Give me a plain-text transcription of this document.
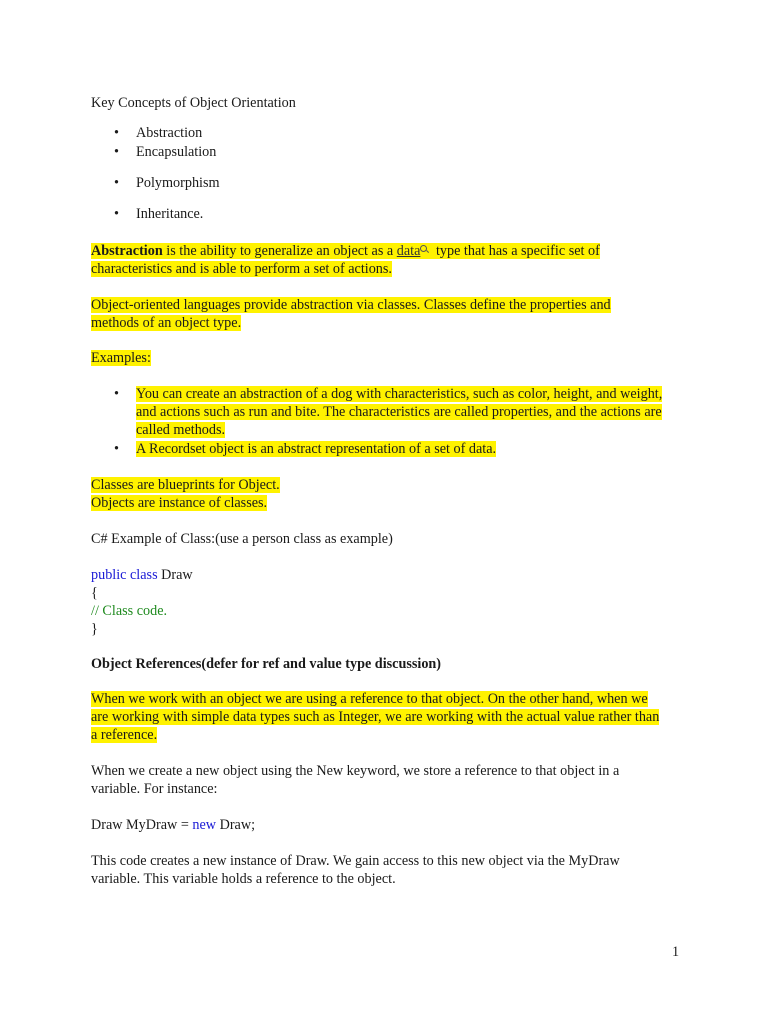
Key Concepts of Object Orientation
• Abstraction
• Encapsulation
• Polymorphism
• Inheritance.
Abstraction is the ability to generalize an object as a data type that has a specific set of characteristics and is able to perform a set of actions.
Object-oriented languages provide abstraction via classes. Classes define the properties and methods of an object type.
Examples:
• You can create an abstraction of a dog with characteristics, such as color, height, and weight, and actions such as run and bite. The characteristics are called properties, and the actions are called methods.
• A Recordset object is an abstract representation of a set of data.
Classes are blueprints for Object.
Objects are instance of classes.
C# Example of Class:(use a person class as example)
public class Draw
{
// Class code.
}
Object References(defer for ref and value type discussion)
When we work with an object we are using a reference to that object. On the other hand, when we are working with simple data types such as Integer, we are working with the actual value rather than a reference.
When we create a new object using the New keyword, we store a reference to that object in a variable. For instance:
Draw MyDraw = new Draw;
This code creates a new instance of Draw. We gain access to this new object via the MyDraw variable. This variable holds a reference to the object.
1
